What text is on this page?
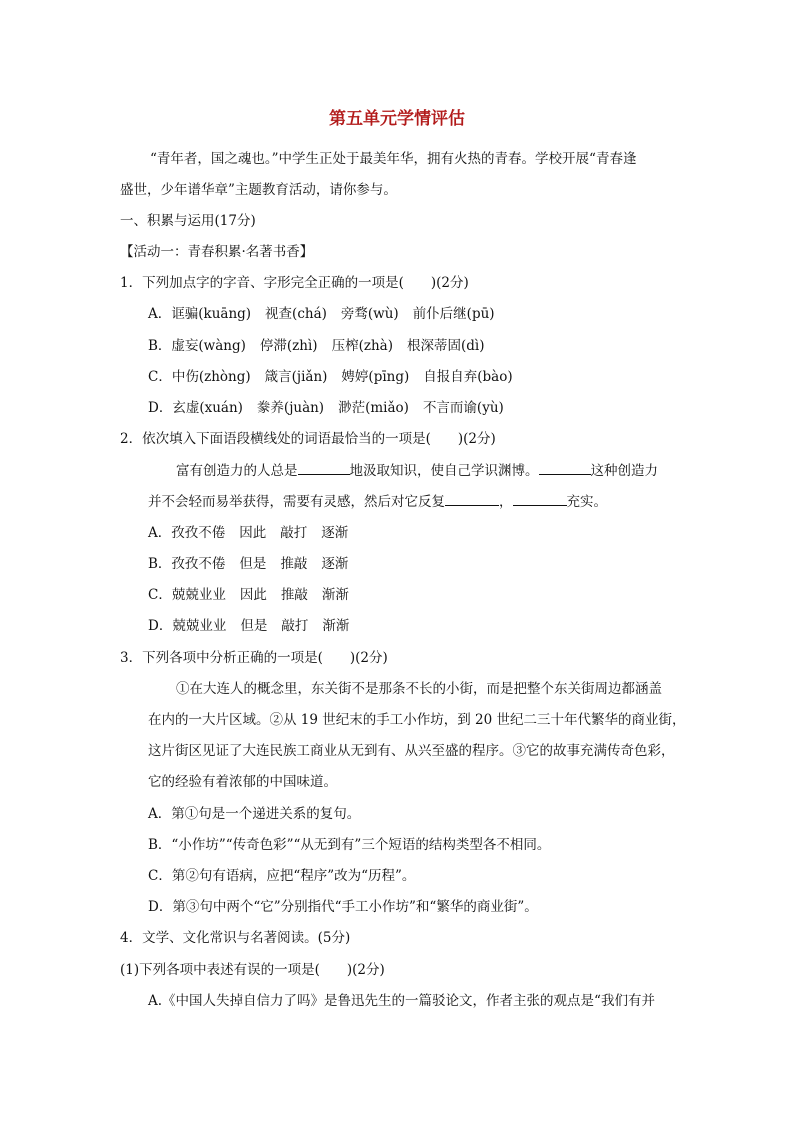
第五单元学情评估
“青年者，国之魂也。”中学生正处于最美年华，拥有火热的青春。学校开展“青春逢
盛世，少年谱华章”主题教育活动，请你参与。
一、积累与运用(17分)
【活动一：青春积累·名著书香】
1．下列加点字的字音、字形完全正确的一项是(　　)(2分)
A．诓骗(kuāng) 视查(chá) 旁骛(wù) 前仆后继(pū)
B．虚妄(wàng) 停滞(zhì) 压榨(zhà) 根深蒂固(dì)
C．中伤(zhòng) 箴言(jiǎn) 娉婷(pīng) 自报自弃(bào)
D．玄虚(xuán) 豢养(juàn) 渺茫(miǎo) 不言而谕(yù)
2．依次填入下面语段横线处的词语最恰当的一项是(　　)(2分)
富有创造力的人总是	地汲取知识，使自己学识渊博。	这种创造力
并不会轻而易举获得，需要有灵感，然后对它反复	，	充实。
A．孜孜不倦 因此 敲打 逐渐
B．孜孜不倦 但是 推敲 逐渐
C．兢兢业业 因此 推敲 渐渐
D．兢兢业业 但是 敲打 渐渐
3．下列各项中分析正确的一项是(　　)(2分)
①在大连人的概念里，东关街不是那条不长的小街，而是把整个东关街周边都涵盖
在内的一大片区域。②从 19 世纪末的手工小作坊，到 20 世纪二三十年代繁华的商业街，
这片街区见证了大连民族工商业从无到有、从兴至盛的程序。③它的故事充满传奇色彩，
它的经验有着浓郁的中国味道。
A．第①句是一个递进关系的复句。
B．“小作坊”“传奇色彩”“从无到有”三个短语的结构类型各不相同。
C．第②句有语病，应把“程序”改为“历程”。
D．第③句中两个“它”分别指代“手工小作坊”和“繁华的商业街”。
4．文学、文化常识与名著阅读。(5分)
(1)下列各项中表述有误的一项是(　　)(2分)
A.《中国人失掉自信力了吗》是鲁迅先生的一篇驳论文，作者主张的观点是“我们有并
